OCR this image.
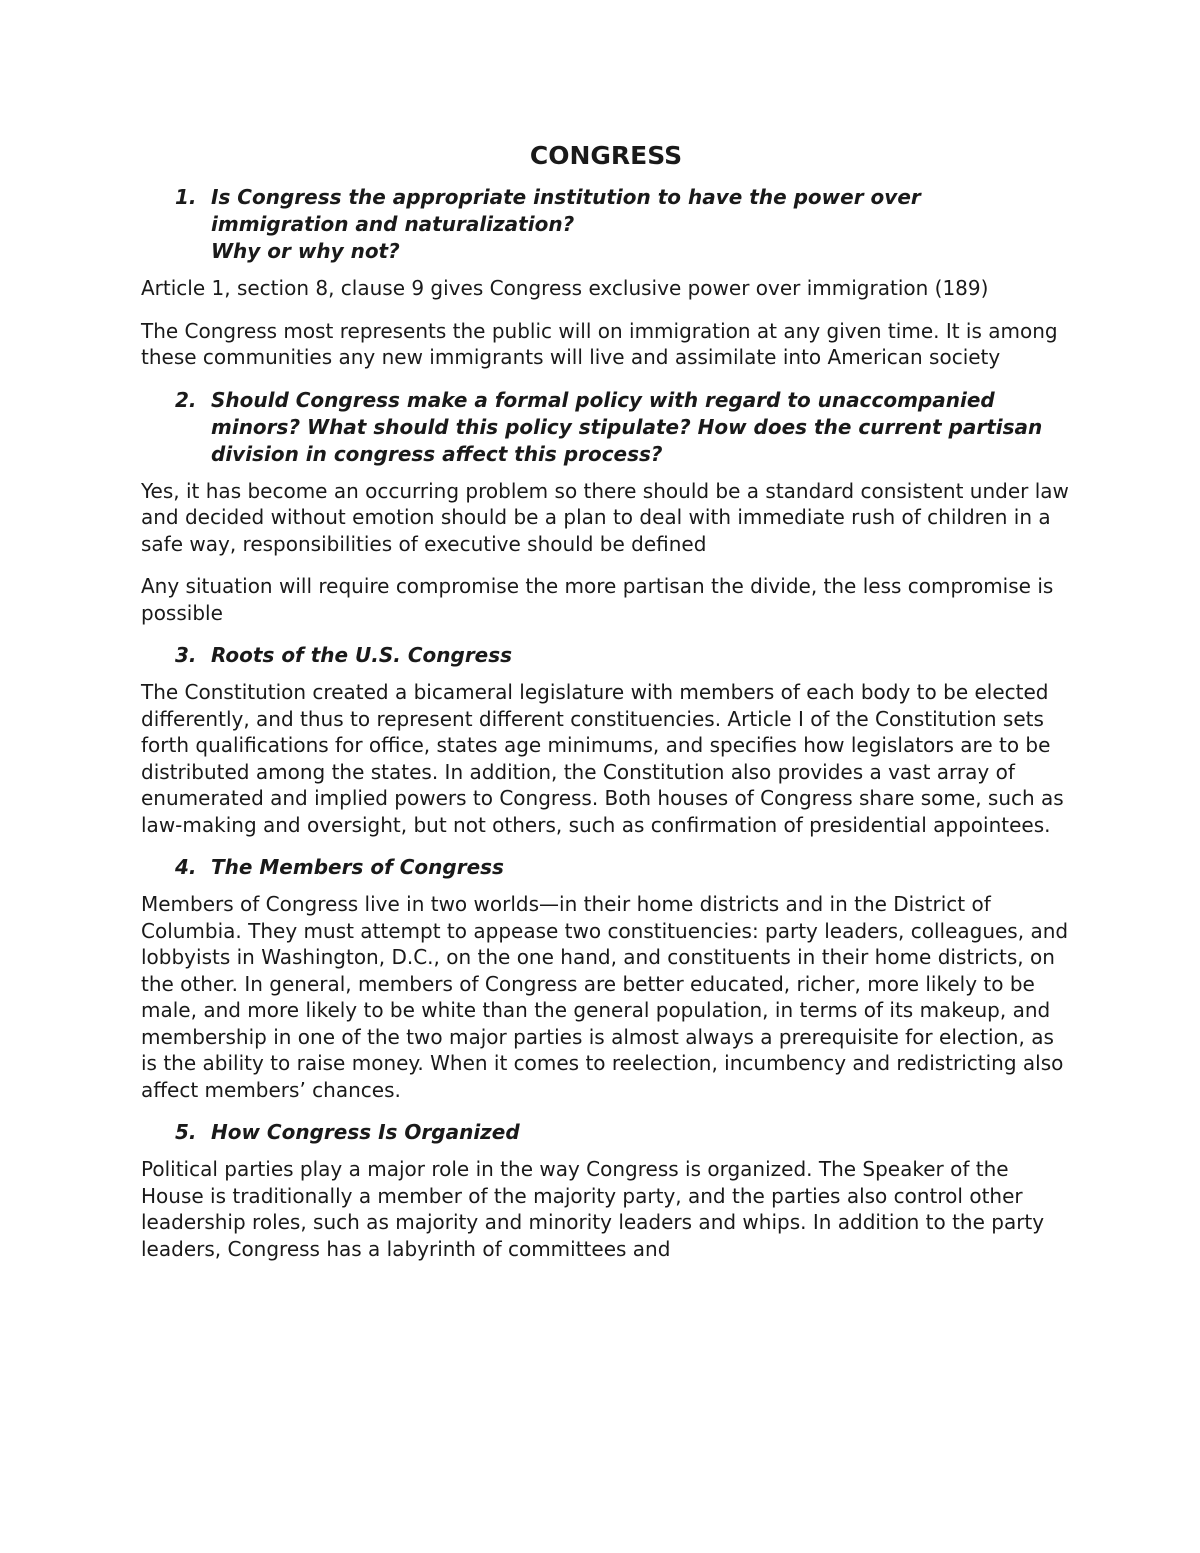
CONGRESS
1. Is Congress the appropriate institution to have the power over
immigration and naturalization?
Why or why not?

Article 1, section 8, clause 9 gives Congress exclusive power over immigration (189)

The Congress most represents the public will on immigration at any given time. It is among these communities any new immigrants will live and assimilate into American society

2. Should Congress make a formal policy with regard to unaccompanied minors? What should this policy stipulate? How does the current partisan division in congress affect this process?

Yes, it has become an occurring problem so there should be a standard consistent under law and decided without emotion should be a plan to deal with immediate rush of children in a safe way, responsibilities of executive should be defined

Any situation will require compromise the more partisan the divide, the less compromise is possible

3. Roots of the U.S. Congress

The Constitution created a bicameral legislature with members of each body to be elected differently, and thus to represent different constituencies. Article I of the Constitution sets forth qualifications for office, states age minimums, and specifies how legislators are to be distributed among the states. In addition, the Constitution also provides a vast array of enumerated and implied powers to Congress. Both houses of Congress share some, such as law-making and oversight, but not others, such as confirmation of presidential appointees.

4. The Members of Congress

Members of Congress live in two worlds—in their home districts and in the District of Columbia. They must attempt to appease two constituencies: party leaders, colleagues, and lobbyists in Washington, D.C., on the one hand, and constituents in their home districts, on the other. In general, members of Congress are better educated, richer, more likely to be male, and more likely to be white than the general population, in terms of its makeup, and membership in one of the two major parties is almost always a prerequisite for election, as is the ability to raise money. When it comes to reelection, incumbency and redistricting also affect members’ chances.

5. How Congress Is Organized

Political parties play a major role in the way Congress is organized. The Speaker of the House is traditionally a member of the majority party, and the parties also control other leadership roles, such as majority and minority leaders and whips. In addition to the party leaders, Congress has a labyrinth of committees and
